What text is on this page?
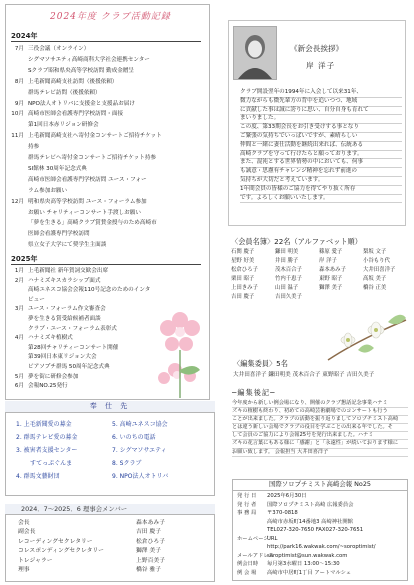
2024年度 クラブ活動記録
2024年
7月 三役会議（オンライン）
シグマソサエティ高崎商科大学社会連携センター
Sクラブ昭和県央高等学校訪問 勤成金贈呈
8月 上毛新聞高崎支社訪問（後援依頼）
群馬テレビ訪問（後援依頼）
9月 NPO法人オトリバに支援金と支援品お届け
10月 高崎市医師会看護専門学校訪問・面接
第1回日本赤リジョン研修会
11月 上毛新聞高崎支社へ寄付金コンサートご招待チケット
持参
群馬テレビへ寄付金コンサートご招待チケット持参
SI館林 30周年記念式典
高崎市医師会看護専門学校訪問 ユース・フォー
ラム参加お願い
12月 明和県央高等学校訪問 ユース・フォーラム参加
お願い チャリティーコンサート手渡しお願い
「夢を生きる」高崎クラブ賞賛金授与のため高崎市
医師会看護専門学校訪問
県立女子大学にて奨学生主面談
2025年
1月 上毛新聞社 新年賀詞交歓会出席
2月 ハナミズキスカラシップ面式
高崎ユネスコ協会会報110号記念のためのインタ
ビュー
3月 ユース・フォーラム作文審査会
夢を生きる賞受給候補者面談
クラブ・ユース・フォーラム表彰式
4月 ハナミズキ植樹式
第28回チャリティーコンサート開催
第39回日本東リジョン大会
ビアソプチ群馬 50周年記念式典
5月 夢を街に研修会参加
6月 会報NO.25発行
《新会長挨拶》
岸 洋子
クラブ開設翌年の1994年に入会して以来31年、
微力ながらも微先輩方の背中を追いつつ、地域
に貢献した事は誠に誇りに思い、自分自身も育れて
まいりました。
この度、第33期会長をお引き受けする事となり
ご緊張の気持ちでいっぱいですが、素晴らしい
仲間と一緒に妻仕活動を継続出来れば、伝統ある
高崎クラブを守って行けたらと願っております。
また、混沌とする世界情勢の中においても、何事
も誠意・思慮有チャレンジ精神を忘れず前進の
気持ちが大切だと考えています。
1年間会員の皆様のご協力を得てやり抜く所存
です。よろしくお願いいたします。
〈会員名簿〉22名（アルファベット順）
石関 慶子	鎌田 明美	篠原 愛子	梨坂 文子
星野 好美	井田 勝子	岸 洋子	小谷もり代
松倉ひろ子	茂木百合子	森本あみ子	大井田喜洋子
栗田 昭子	竹内千恵子	東野 昭子	高坂 美子
上田きみ子	山田 温子	獅澤 美子	橋谷 正美
吉田 慶子	吉田久美子
〈編集委員〉5名
大井田喜洋子 鎌田明美 茂木百合子 東野昭子 吉田久美子
奉 仕 先
1. 上毛新聞愛の募金	5. 高崎ユネスコ協会
2. 群馬テレビ愛の募金	6. いのちの電話
3. 被害者支援センター	7. シグマソサエティ
すてっぷぐんま	8. Sクラブ
4. 群馬文藝財団	9. NPO法人オトリバ
2024．7～2025．6 理事会メンバー
会長	森本あみ子
副会長	吉田 慶子
レコーディングセクレタリー	松倉ひろ子
コレスポンディングセクレタリー	獅澤 美子
トレジャラー	上野百美子
理事	橋谷 雅子
─編集後記─
今年度から新しい例会場になり、開催のクラブ懇話記念事業ハナミ
ズキの植樹も終わり、初めての高崎芸術劇場でのコンサートも行う
ことが出来ました。クラブの活動を振り返りましてソロプチミスト高崎
とは違う新しい会場でクラブの役目を学ぶことの出来る年でした。そ
して会員のご協力により会報25号を発行出来ました。ハナミ
ズキの花言葉にもある様に「感謝」と「永遠性」が続いております様に
お願い致します。 会報担当 大井田喜洋子
国際ソロプチミスト高崎会報 No25
発 行 日 2025年6月30日
発 行 者 国際ソロプチミスト高崎 広報委員会
事 務 局 〒370-0818
高崎市赤坂町14番地3 高崎神社開館
TEL027-320-7650 FAX027-320-7651
ホームページURL
http://park16.wakwak.com/~soroptimist/
メールアドレスsoroptimist@sun.wakwak.com
例会日時 毎月第3水曜日 13:00～15:30
例 会 場 高崎市中居町1丁目 アートマルシェ
